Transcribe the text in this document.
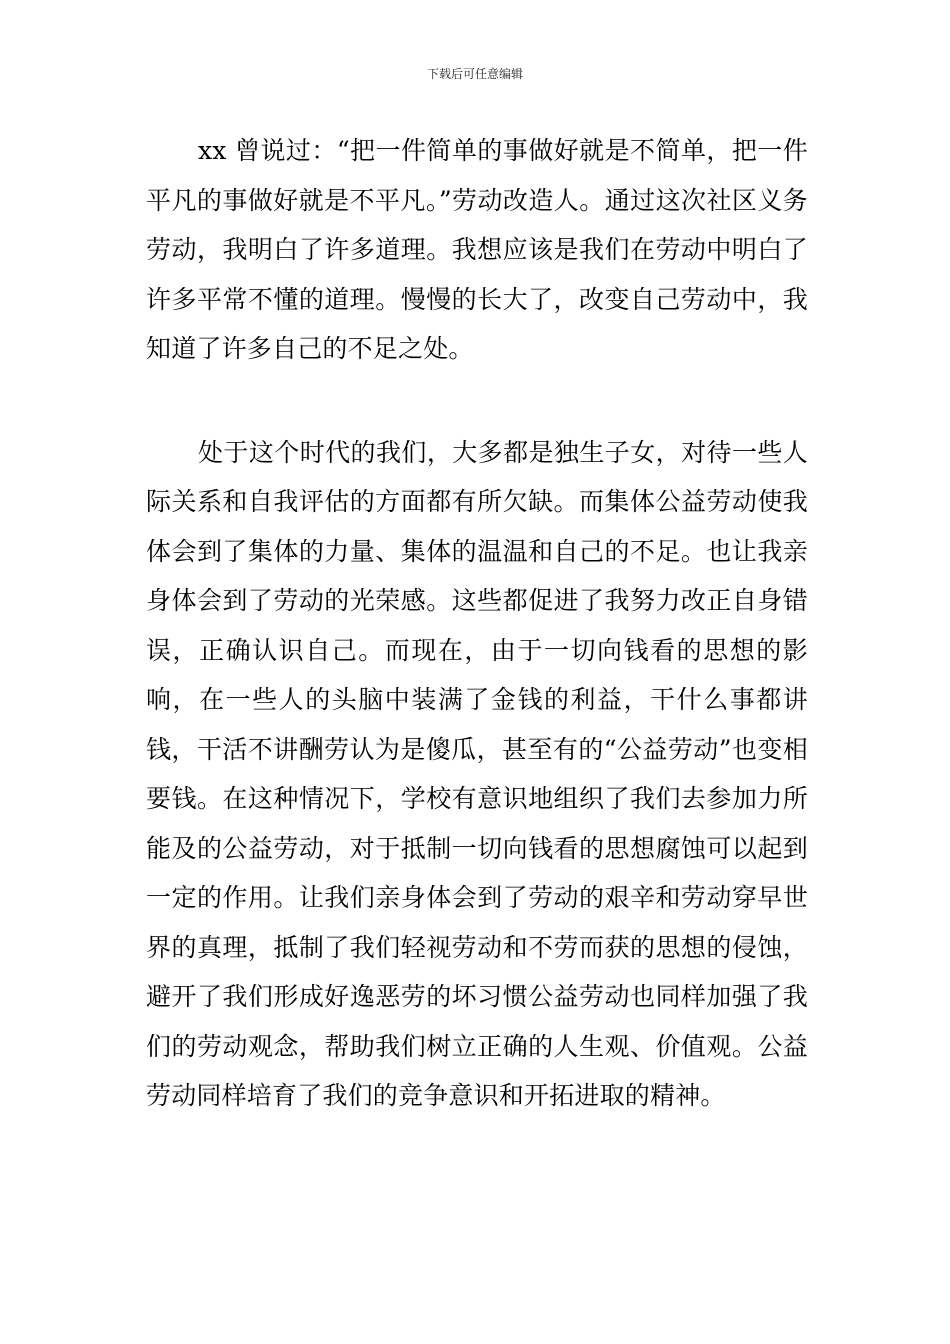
下载后可任意编辑

xx 曾说过：“把一件简单的事做好就是不简单，把一件平凡的事做好就是不平凡。”劳动改造人。通过这次社区义务劳动，我明白了许多道理。我想应该是我们在劳动中明白了许多平常不懂的道理。慢慢的长大了，改变自己劳动中，我知道了许多自己的不足之处。

处于这个时代的我们，大多都是独生子女，对待一些人际关系和自我评估的方面都有所欠缺。而集体公益劳动使我体会到了集体的力量、集体的温温和自己的不足。也让我亲身体会到了劳动的光荣感。这些都促进了我努力改正自身错误，正确认识自己。而现在，由于一切向钱看的思想的影响，在一些人的头脑中装满了金钱的利益，干什么事都讲钱，干活不讲酬劳认为是傻瓜，甚至有的“公益劳动”也变相要钱。在这种情况下，学校有意识地组织了我们去参加力所能及的公益劳动，对于抵制一切向钱看的思想腐蚀可以起到一定的作用。让我们亲身体会到了劳动的艰辛和劳动穿早世界的真理，抵制了我们轻视劳动和不劳而获的思想的侵蚀，避开了我们形成好逸恶劳的坏习惯公益劳动也同样加强了我们的劳动观念，帮助我们树立正确的人生观、价值观。公益劳动同样培育了我们的竞争意识和开拓进取的精神。
